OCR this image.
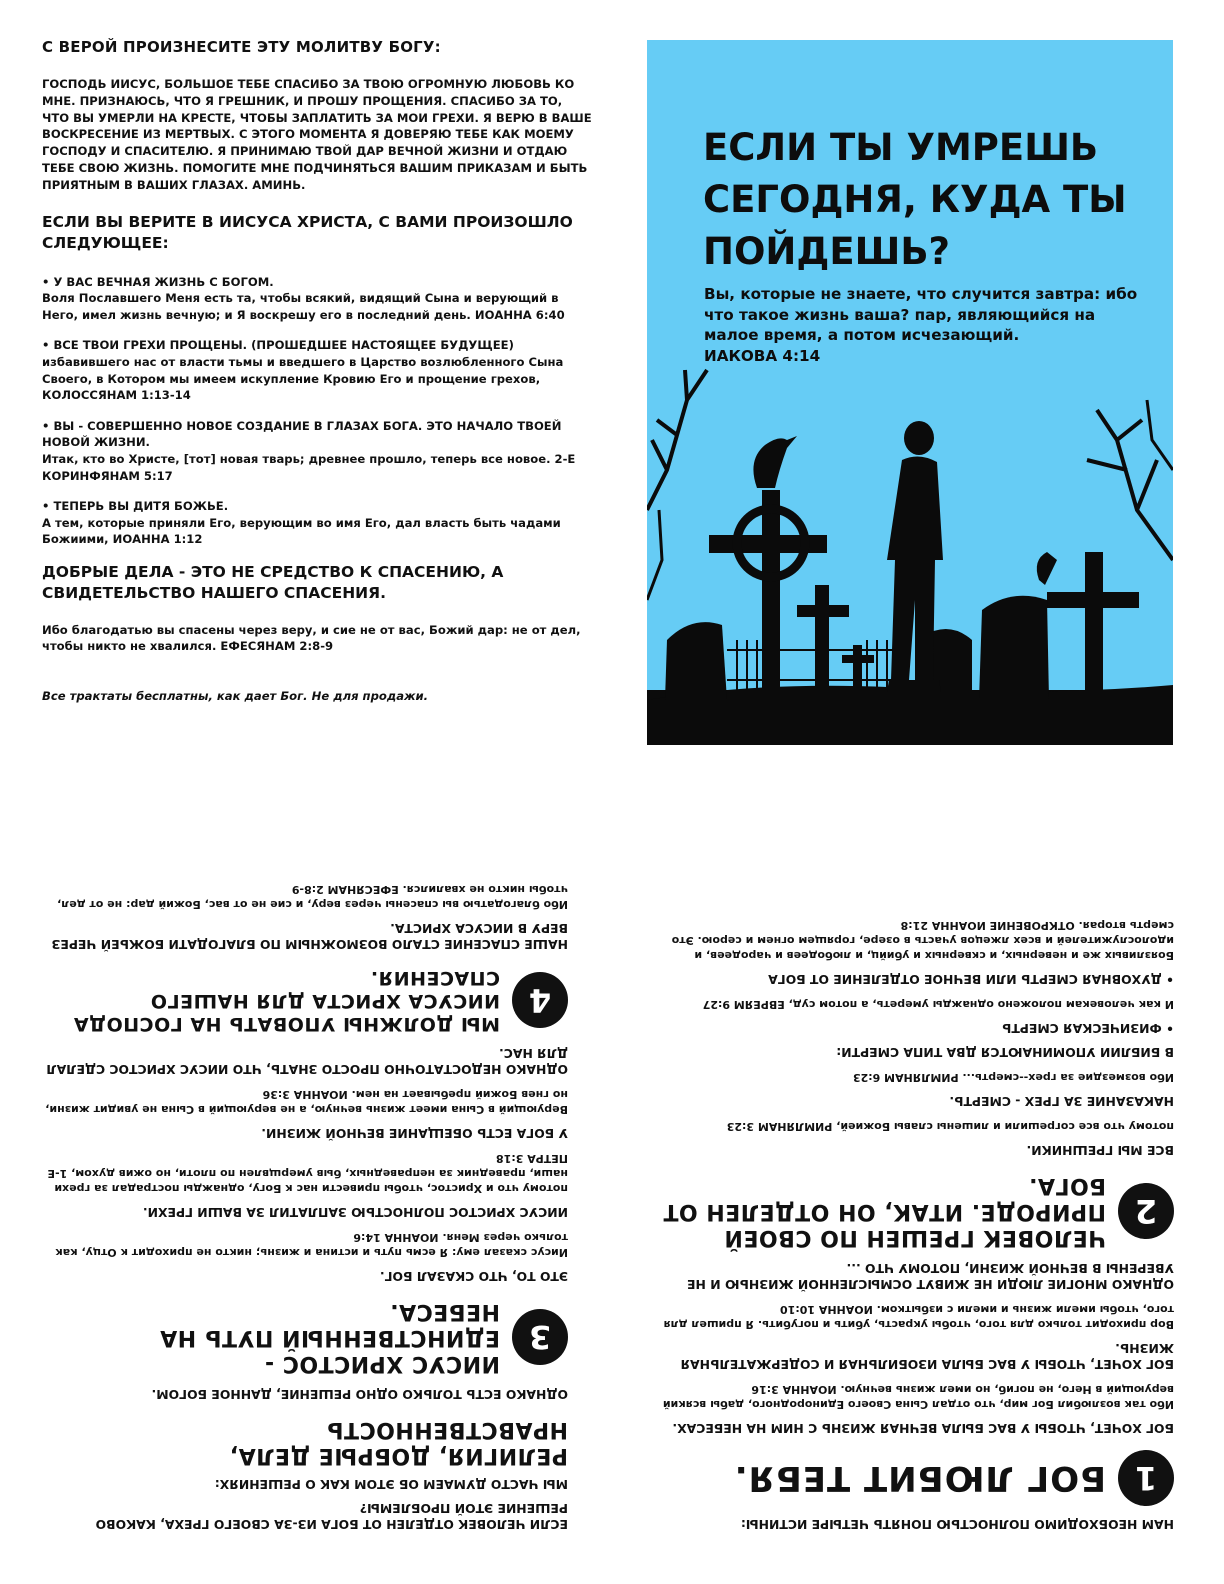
С ВЕРОЙ ПРОИЗНЕСИТЕ ЭТУ МОЛИТВУ БОГУ:
ГОСПОДЬ ИИСУС, БОЛЬШОЕ ТЕБЕ СПАСИБО ЗА ТВОЮ ОГРОМНУЮ ЛЮБОВЬ КО МНЕ. ПРИЗНАЮСЬ, ЧТО Я ГРЕШНИК, И ПРОШУ ПРОЩЕНИЯ. СПАСИБО ЗА ТО, ЧТО ВЫ УМЕРЛИ НА КРЕСТЕ, ЧТОБЫ ЗАПЛАТИТЬ ЗА МОИ ГРЕХИ. Я ВЕРЮ В ВАШЕ ВОСКРЕСЕНИЕ ИЗ МЕРТВЫХ. С ЭТОГО МОМЕНТА Я ДОВЕРЯЮ ТЕБЕ КАК МОЕМУ ГОСПОДУ И СПАСИТЕЛЮ. Я ПРИНИМАЮ ТВОЙ ДАР ВЕЧНОЙ ЖИЗНИ И ОТДАЮ ТЕБЕ СВОЮ ЖИЗНЬ. ПОМОГИТЕ МНЕ ПОДЧИНЯТЬСЯ ВАШИМ ПРИКАЗАМ И БЫТЬ ПРИЯТНЫМ В ВАШИХ ГЛАЗАХ. АМИНЬ.
ЕСЛИ ВЫ ВЕРИТЕ В ИИСУСА ХРИСТА, С ВАМИ ПРОИЗОШЛО СЛЕДУЮЩЕЕ:
• У ВАС ВЕЧНАЯ ЖИЗНЬ С БОГОМ.
Воля Пославшего Меня есть та, чтобы всякий, видящий Сына и верующий в Него, имел жизнь вечную; и Я воскрешу его в последний день. ИОАННА 6:40
• ВСЕ ТВОИ ГРЕХИ ПРОЩЕНЫ. (ПРОШЕДШЕЕ НАСТОЯЩЕЕ БУДУЩЕЕ)
избавившего нас от власти тьмы и введшего в Царство возлюбленного Сына Своего, в Котором мы имеем искупление Кровию Его и прощение грехов, КОЛОССЯНАМ 1:13-14
• ВЫ - СОВЕРШЕННО НОВОЕ СОЗДАНИЕ В ГЛАЗАХ БОГА. ЭТО НАЧАЛО ТВОЕЙ НОВОЙ ЖИЗНИ.
Итак, кто во Христе, [тот] новая тварь; древнее прошло, теперь все новое. 2-Е КОРИНФЯНАМ 5:17
• ТЕПЕРЬ ВЫ ДИТЯ БОЖЬЕ.
А тем, которые приняли Его, верующим во имя Его, дал власть быть чадами Божиими, ИОАННА 1:12
ДОБРЫЕ ДЕЛА - ЭТО НЕ СРЕДСТВО К СПАСЕНИЮ, А СВИДЕТЕЛЬСТВО НАШЕГО СПАСЕНИЯ.
Ибо благодатью вы спасены через веру, и сие не от вас, Божий дар: не от дел, чтобы никто не хвалился. ЕФЕСЯНАМ 2:8-9
Все трактаты бесплатны, как дает Бог. Не для продажи.
ЕСЛИ ТЫ УМРЕШЬ СЕГОДНЯ, КУДА ТЫ ПОЙДЕШЬ?
Вы, которые не знаете, что случится завтра: ибо что такое жизнь ваша? пар, являющийся на малое время, а потом исчезающий.
ИАКОВА 4:14
ЕСЛИ ЧЕЛОВЕК ОТДЕЛЕН ОТ БОГА ИЗ-ЗА СВОЕГО ГРЕХА, КАКОВО РЕШЕНИЕ ЭТОЙ ПРОБЛЕМЫ?
МЫ ЧАСТО ДУМАЕМ ОБ ЭТОМ КАК О РЕШЕНИЯХ:
РЕЛИГИЯ, ДОБРЫЕ ДЕЛА, НРАВСТВЕННОСТЬ
ОДНАКО ЕСТЬ ТОЛЬКО ОДНО РЕШЕНИЕ, ДАННОЕ БОГОМ.
3
ИИСУС ХРИСТОС - ЕДИНСТВЕННЫЙ ПУТЬ НА НЕБЕСА.
ЭТО ТО, ЧТО СКАЗАЛ БОГ.
Иисус сказал ему: Я есмь путь и истина и жизнь; никто не приходит к Отцу, как только через Меня. ИОАННА 14:6
ИИСУС ХРИСТОС ПОЛНОСТЬЮ ЗАПЛАТИЛ ЗА ВАШИ ГРЕХИ.
потому что и Христос, чтобы привести нас к Богу, однажды пострадал за грехи наши, праведник за неправедных, быв умерщвлен по плоти, но ожив духом, 1-Е ПЕТРА 3:18
У БОГА ЕСТЬ ОБЕЩАНИЕ ВЕЧНОЙ ЖИЗНИ.
Верующий в Сына имеет жизнь вечную, а не верующий в Сына не увидит жизни, но гнев Божий пребывает на нем. ИОАННА 3:36
ОДНАКО НЕДОСТАТОЧНО ПРОСТО ЗНАТЬ, ЧТО ИИСУС ХРИСТОС СДЕЛАЛ ДЛЯ НАС.
4
МЫ ДОЛЖНЫ УПОВАТЬ НА ГОСПОДА ИИСУСА ХРИСТА ДЛЯ НАШЕГО СПАСЕНИЯ.
НАШЕ СПАСЕНИЕ СТАЛО ВОЗМОЖНЫМ ПО БЛАГОДАТИ БОЖЬЕЙ ЧЕРЕЗ ВЕРУ В ИИСУСА ХРИСТА.
Ибо благодатью вы спасены через веру, и сие не от вас, Божий дар: не от дел, чтобы никто не хвалился. ЕФЕСЯНАМ 2:8-9
НАМ НЕОБХОДИМО ПОЛНОСТЬЮ ПОНЯТЬ ЧЕТЫРЕ ИСТИНЫ:
1
БОГ ЛЮБИТ ТЕБЯ.
БОГ ХОЧЕТ, ЧТОБЫ У ВАС БЫЛА ВЕЧНАЯ ЖИЗНЬ С НИМ НА НЕБЕСАХ.
Ибо так возлюбил Бог мир, что отдал Сына Своего Единородного, дабы всякий верующий в Него, не погиб, но имел жизнь вечную. ИОАННА 3:16
БОГ ХОЧЕТ, ЧТОБЫ У ВАС БЫЛА ИЗОБИЛЬНАЯ И СОДЕРЖАТЕЛЬНАЯ ЖИЗНЬ.
Вор приходит только для того, чтобы украсть, убить и погубить. Я пришел для того, чтобы имели жизнь и имели с избытком. ИОАННА 10:10
ОДНАКО МНОГИЕ ЛЮДИ НЕ ЖИВУТ ОСМЫСЛЕННОЙ ЖИЗНЬЮ И НЕ УВЕРЕНЫ В ВЕЧНОЙ ЖИЗНИ, ПОТОМУ ЧТО ...
2
ЧЕЛОВЕК ГРЕШЕН ПО СВОЕЙ ПРИРОДЕ. ИТАК, ОН ОТДЕЛЕН ОТ БОГА.
ВСЕ МЫ ГРЕШНИКИ.
потому что все согрешили и лишены славы Божией, РИМЛЯНАМ 3:23
НАКАЗАНИЕ ЗА ГРЕХ - СМЕРТЬ.
Ибо возмездие за грех--смерть... РИМЛЯНАМ 6:23
В БИБЛИИ УПОМИНАЮТСЯ ДВА ТИПА СМЕРТИ:
• ФИЗИЧЕСКАЯ СМЕРТЬ
И как человекам положено однажды умереть, а потом суд, ЕВРЕЯМ 9:27
• ДУХОВНАЯ СМЕРТЬ ИЛИ ВЕЧНОЕ ОТДЕЛЕНИЕ ОТ БОГА
Боязливых же и неверных, и скверных и убийц, и любодеев и чародеев, и идолослужителей и всех лжецов участь в озере, горящем огнем и серою. Это смерть вторая. ОТКРОВЕНИЕ ИОАННА 21:8
